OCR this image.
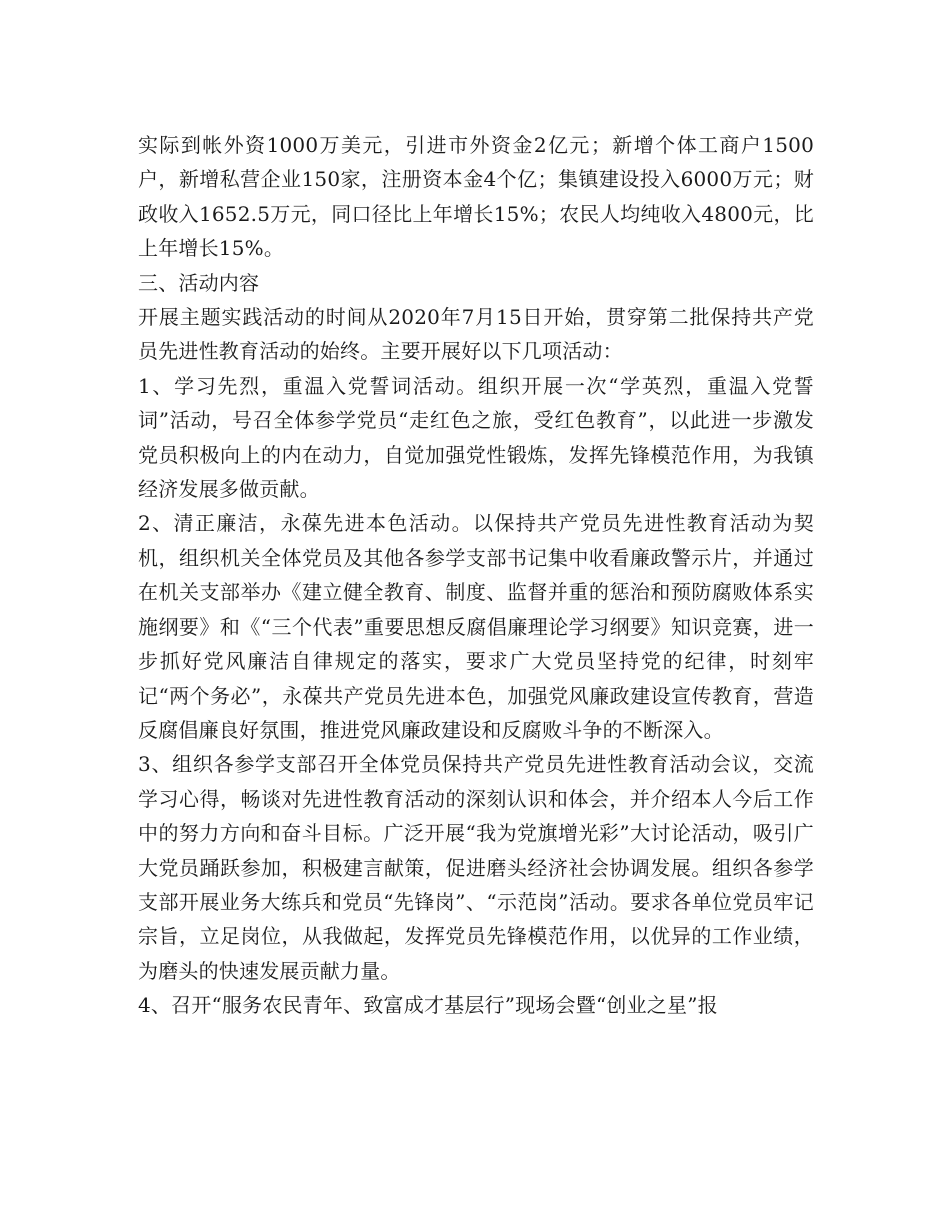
实际到帐外资1000万美元，引进市外资金2亿元；新增个体工商户1500户，新增私营企业150家，注册资本金4个亿；集镇建设投入6000万元；财政收入1652.5万元，同口径比上年增长15%；农民人均纯收入4800元，比上年增长15%。

三、活动内容

开展主题实践活动的时间从2020年7月15日开始，贯穿第二批保持共产党员先进性教育活动的始终。主要开展好以下几项活动：

1、学习先烈，重温入党誓词活动。组织开展一次“学英烈，重温入党誓词”活动，号召全体参学党员“走红色之旅，受红色教育”，以此进一步激发党员积极向上的内在动力，自觉加强党性锻炼，发挥先锋模范作用，为我镇经济发展多做贡献。

2、清正廉洁，永葆先进本色活动。以保持共产党员先进性教育活动为契机，组织机关全体党员及其他各参学支部书记集中收看廉政警示片，并通过在机关支部举办《建立健全教育、制度、监督并重的惩治和预防腐败体系实施纲要》和《“三个代表”重要思想反腐倡廉理论学习纲要》知识竞赛，进一步抓好党风廉洁自律规定的落实，要求广大党员坚持党的纪律，时刻牢记“两个务必”，永葆共产党员先进本色，加强党风廉政建设宣传教育，营造反腐倡廉良好氛围，推进党风廉政建设和反腐败斗争的不断深入。

3、组织各参学支部召开全体党员保持共产党员先进性教育活动会议，交流学习心得，畅谈对先进性教育活动的深刻认识和体会，并介绍本人今后工作中的努力方向和奋斗目标。广泛开展“我为党旗增光彩”大讨论活动，吸引广大党员踊跃参加，积极建言献策，促进磨头经济社会协调发展。组织各参学支部开展业务大练兵和党员“先锋岗”、“示范岗”活动。要求各单位党员牢记宗旨，立足岗位，从我做起，发挥党员先锋模范作用，以优异的工作业绩，为磨头的快速发展贡献力量。

4、召开“服务农民青年、致富成才基层行”现场会暨“创业之星”报
